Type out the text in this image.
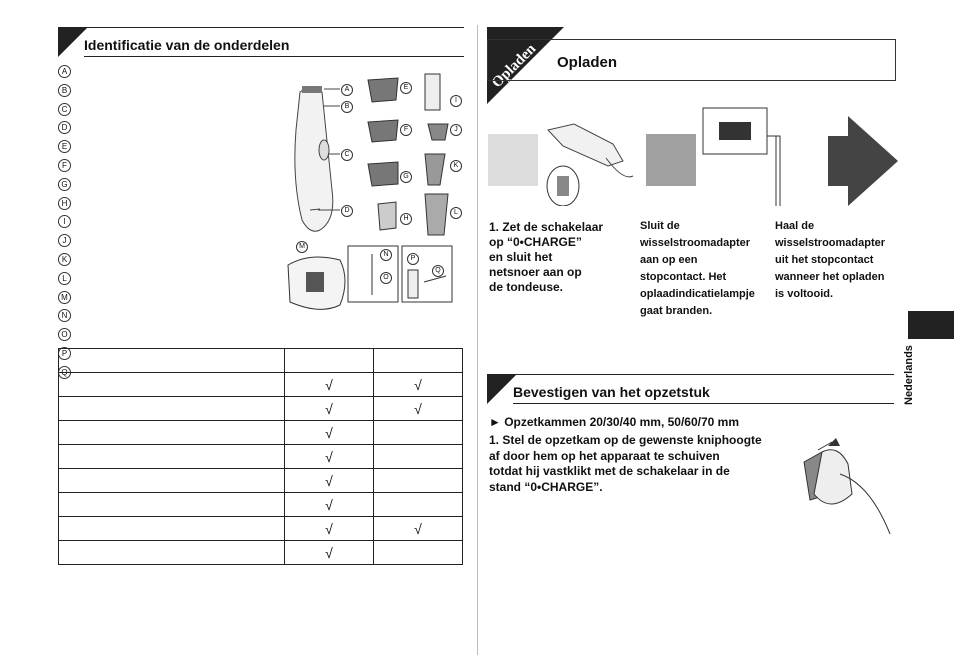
Identificatie van de onderdelen
A
B
C
D
E
F
G
H
I
J
K
L
M
N
O
P
Q
A
B
C
D
E
F
G
H
I
J
K
L
M
N
O
P
Q

	√	√
	√	√
	√	
	√	
	√	
	√	
	√	√
	√	
Opladen Opladen
1. Zet de schakelaar
op “0•CHARGE”
en sluit het
netsnoer aan op
de tondeuse.
Sluit de
wisselstroomadapter
aan op een
stopcontact. Het
oplaadindicatielampje
gaat branden.
Haal de
wisselstroomadapter
uit het stopcontact
wanneer het opladen
is voltooid.
Bevestigen van het opzetstuk
► Opzetkammen 20/30/40 mm, 50/60/70 mm
1. Stel de opzetkam op de gewenste kniphoogte
af door hem op het apparaat te schuiven
totdat hij vastklikt met de schakelaar in de
stand “0•CHARGE”.
Nederlands
